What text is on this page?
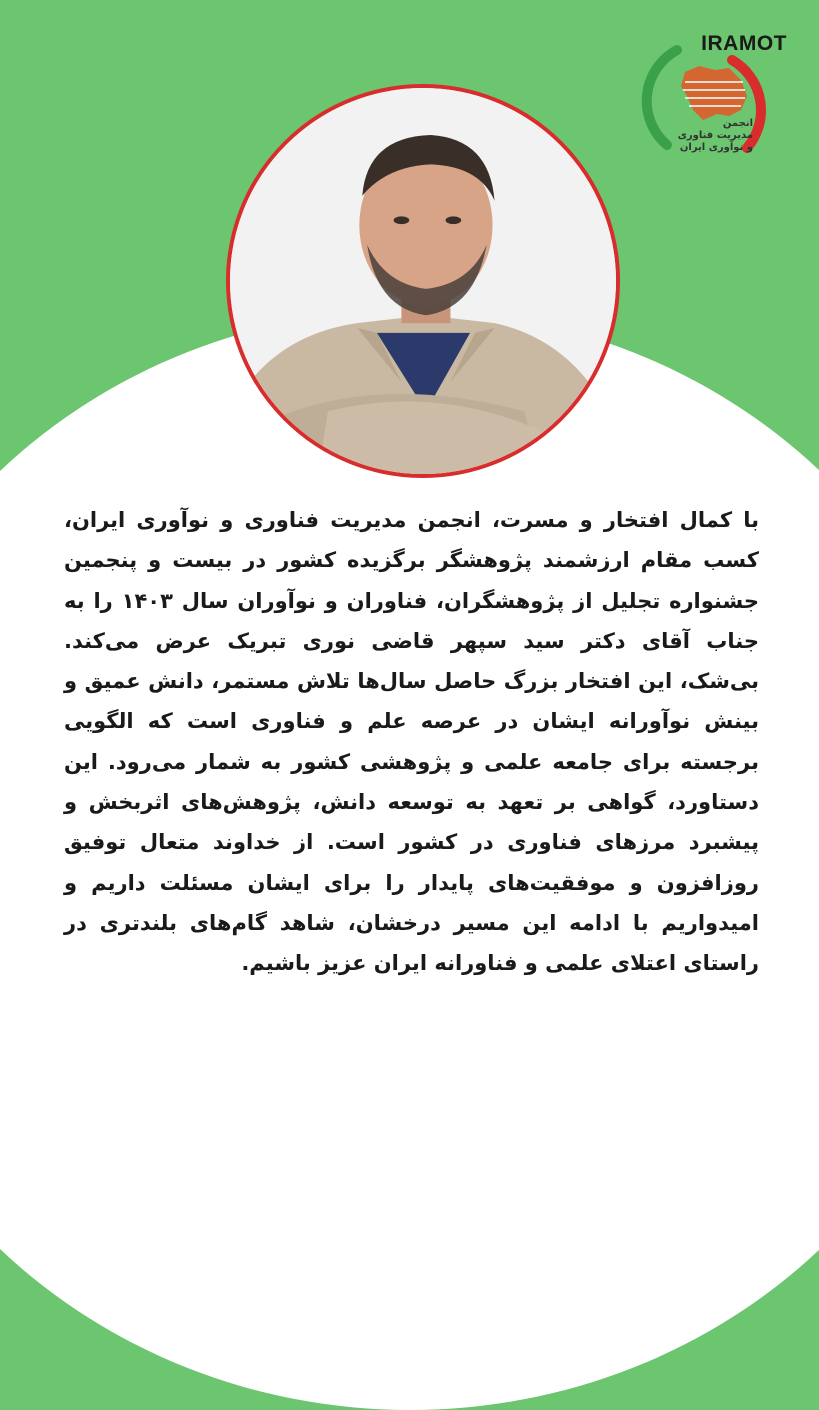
IRAMOT
انجمن
مدیریت فناوری
و نوآوری ایران
با کمال افتخار و مسرت، انجمن مدیریت فناوری و نوآوری ایران، کسب مقام ارزشمند پژوهشگر برگزیده کشور در بیست و پنجمین جشنواره تجلیل از پژوهشگران، فناوران و نوآوران سال ۱۴۰۳ را به جناب آقای دکتر سید سپهر قاضی نوری تبریک عرض می‌کند. بی‌شک، این افتخار بزرگ حاصل سال‌ها تلاش مستمر، دانش عمیق و بینش نوآورانه ایشان در عرصه علم و فناوری است که الگویی برجسته برای جامعه علمی و پژوهشی کشور به شمار می‌رود. این دستاورد، گواهی بر تعهد به توسعه دانش، پژوهش‌های اثربخش و پیشبرد مرزهای فناوری در کشور است. از خداوند متعال توفیق روزافزون و موفقیت‌های پایدار را برای ایشان مسئلت داریم و امیدواریم با ادامه این مسیر درخشان، شاهد گام‌های بلندتری در راستای اعتلای علمی و فناورانه ایران عزیز باشیم.
